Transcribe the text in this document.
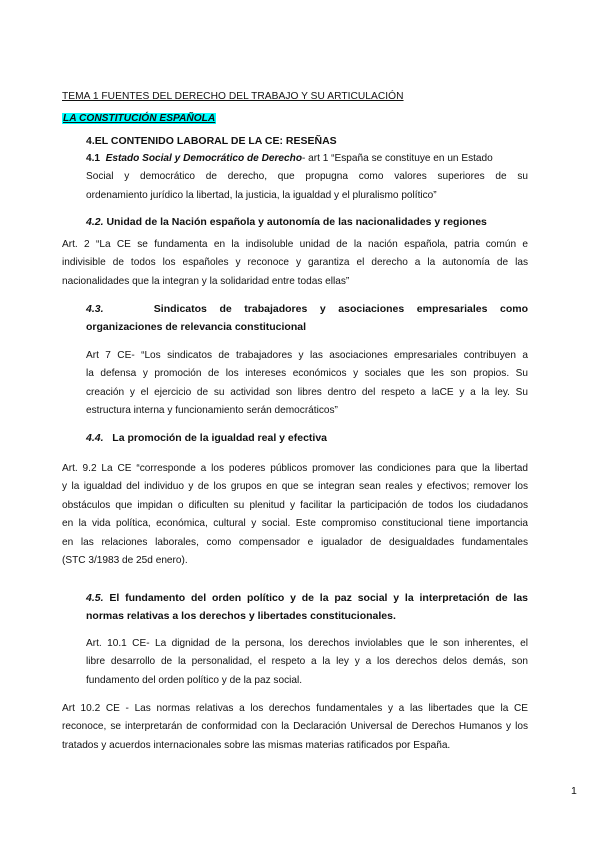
TEMA 1 FUENTES DEL DERECHO DEL TRABAJO Y SU ARTICULACIÓN
LA CONSTITUCIÓN ESPAÑOLA
4.EL CONTENIDO LABORAL DE LA CE: RESEÑAS
4.1 Estado Social y Democrático de Derecho- art 1 “España se constituye en un Estado
Social y democrático de derecho, que propugna como valores superiores de su
ordenamiento jurídico la libertad, la justicia, la igualdad y el pluralismo político”
4.2. Unidad de la Nación española y autonomía de las nacionalidades y regiones
Art. 2 “La CE se fundamenta en la indisoluble unidad de la nación española, patria común e
indivisible de todos los españoles y reconoce y garantiza el derecho a la autonomía de las
nacionalidades que la integran y la solidaridad entre todas ellas”
4.3.	Sindicatos de trabajadores y asociaciones empresariales como
organizaciones de relevancia constitucional
Art 7 CE- “Los sindicatos de trabajadores y las asociaciones empresariales contribuyen a
la defensa y promoción de los intereses económicos y sociales que les son propios. Su
creación y el ejercicio de su actividad son libres dentro del respeto a laCE y a la ley. Su
estructura interna y funcionamiento serán democráticos”
4.4. La promoción de la igualdad real y efectiva
Art. 9.2 La CE “corresponde a los poderes públicos promover las condiciones para que la libertad
y la igualdad del individuo y de los grupos en que se integran sean reales y efectivos; remover los
obstáculos que impidan o dificulten su plenitud y facilitar la participación de todos los ciudadanos
en la vida política, económica, cultural y social. Este compromiso constitucional tiene importancia
en las relaciones laborales, como compensador e igualador de desigualdades fundamentales
(STC 3/1983 de 25d enero).
4.5. El fundamento del orden político y de la paz social y la interpretación de las
normas relativas a los derechos y libertades constitucionales.
Art. 10.1 CE- La dignidad de la persona, los derechos inviolables que le son inherentes, el
libre desarrollo de la personalidad, el respeto a la ley y a los derechos delos demás, son
fundamento del orden político y de la paz social.
Art 10.2 CE - Las normas relativas a los derechos fundamentales y a las libertades que la CE
reconoce, se interpretarán de conformidad con la Declaración Universal de Derechos Humanos y los
tratados y acuerdos internacionales sobre las mismas materias ratificados por España.
1
